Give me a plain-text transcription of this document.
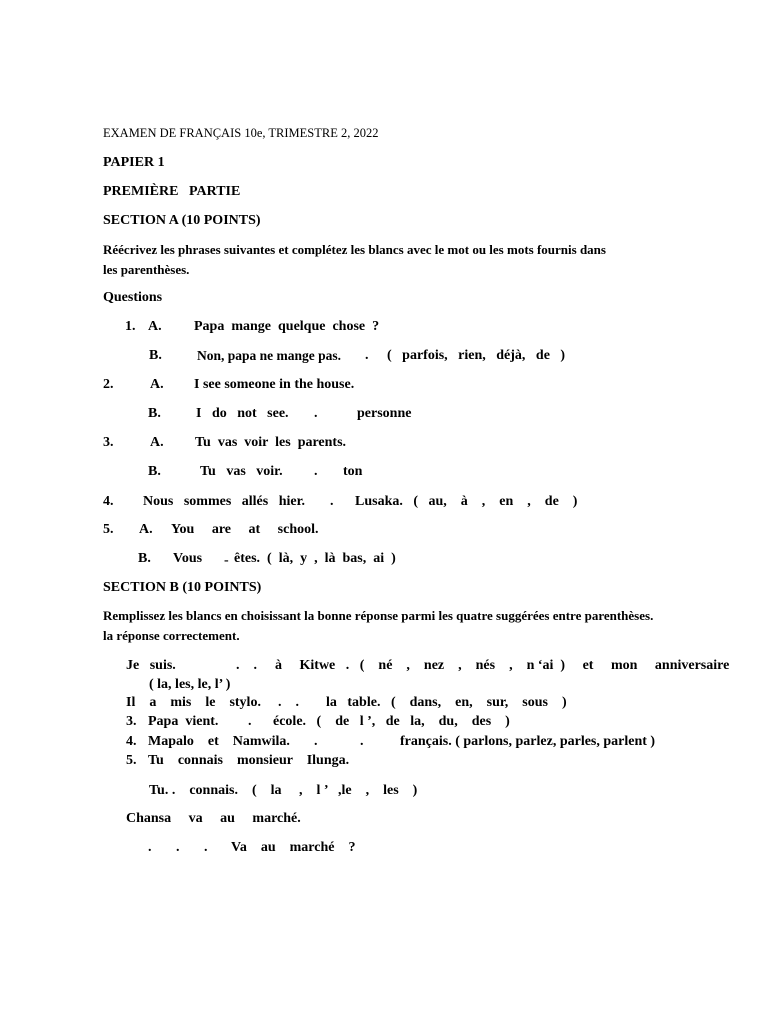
EXAMEN DE FRANÇAIS 10e, TRIMESTRE 2, 2022
PAPIER 1
PREMIÈRE   PARTIE
SECTION A (10 POINTS)
Réécrivez les phrases suivantes et complétez les blancs avec le mot ou les mots fournis dans
les parenthèses.
Questions
1. A. Papa  mange  quelque  chose  ?
B.	Non, papa ne mange pas. . (   parfois,   rien,   déjà,   de   )
2.	A. I see someone in the house.
B.	I   do   not   see. .	personne
3.	A. Tu  vas  voir  les  parents.
B.	Tu   vas   voir. . ton
4. Nous   sommes   allés   hier. . Lusaka.   (   au,    à    ,    en    ,    de    )
5. A. You     are     at     school.
B. Vous - êtes.  (  là,  y  ,  là  bas,  ai  )
SECTION B (10 POINTS)
Remplissez les blancs en choisissant la bonne réponse parmi les quatre suggérées entre parenthèses.
la réponse correctement.
Je   suis.	.    . à     Kitwe   .   (    né    ,    nez    ,    nés    ,    n ‘ai  )     et     mon     anniversaire
( la, les, le, l’ )
Il    a    mis    le    stylo. .    . la   table.   (    dans,    en,    sur,    sous    )
3. Papa  vient. . école.   (    de   l ’,   de   la,    du,    des    )
4. Mapalo    et    Namwila. .	.	français. ( parlons, parlez, parles, parlent )
5. Tu    connais    monsieur    Ilunga.
Tu. .    connais.    (    la     ,    l ’   ,le    ,    les    )
Chansa     va     au     marché.
.       .       . Va    au    marché    ?
